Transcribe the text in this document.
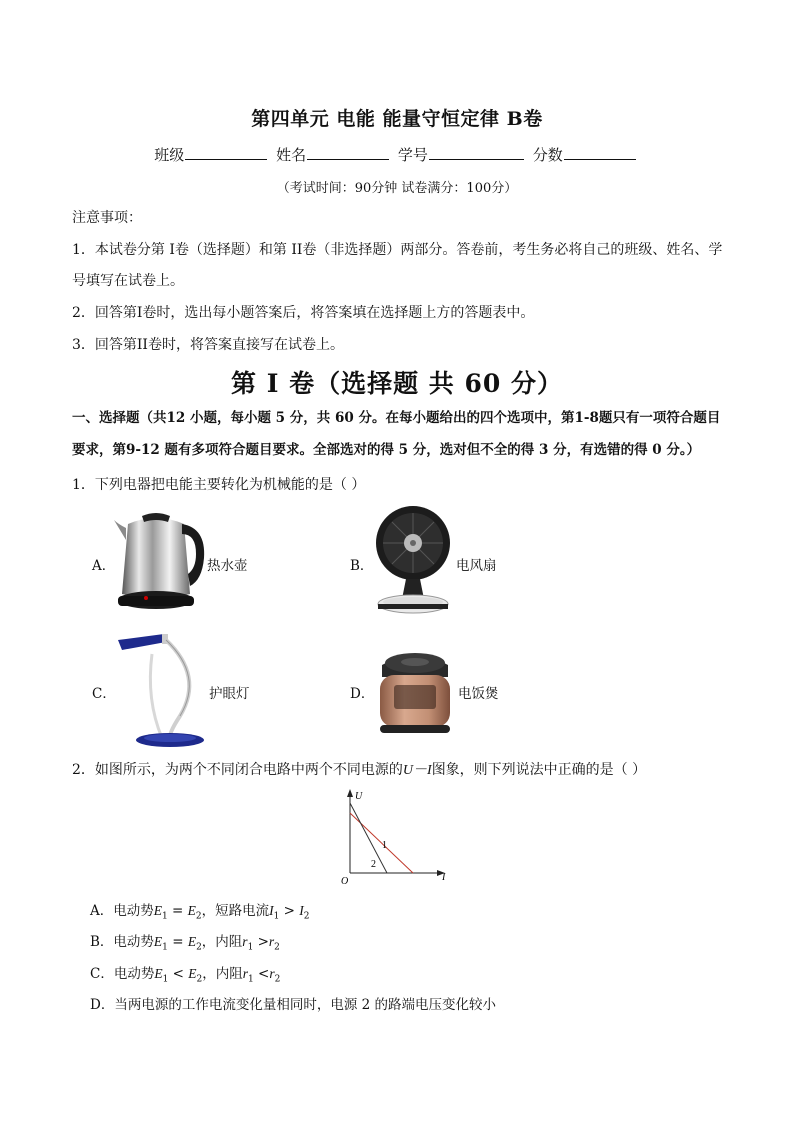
第四单元 电能 能量守恒定律 B卷
班级	姓名	学号	分数
（考试时间：90分钟 试卷满分：100分）
注意事项：
1．本试卷分第 I卷（选择题）和第 II卷（非选择题）两部分。答卷前，考生务必将自己的班级、姓名、学
号填写在试卷上。
2．回答第I卷时，选出每小题答案后，将答案填在选择题上方的答题表中。
3．回答第II卷时，将答案直接写在试卷上。
第 I 卷（选择题 共 60 分）
一、选择题（共12 小题，每小题 5 分，共 60 分。在每小题给出的四个选项中，第1-8题只有一项符合题目
要求，第9-12 题有多项符合题目要求。全部选对的得 5 分，选对但不全的得 3 分，有选错的得 0 分。）
1．下列电器把电能主要转化为机械能的是（ ）
A．	热水壶	B．	电风扇
C．	护眼灯	D．	电饭煲
2．如图所示，为两个不同闭合电路中两个不同电源的U－I图象，则下列说法中正确的是（ ）
U
I
O
1
2
A．电动势$E_1 = E_2$，短路电流$I_1 > I_2$
B．电动势$E_1 = E_2$，内阻$r_1 >r_2$
C．电动势$E_1 < E_2$，内阻$r_1 <r_2$
D．当两电源的工作电流变化量相同时，电源 2 的路端电压变化较小
